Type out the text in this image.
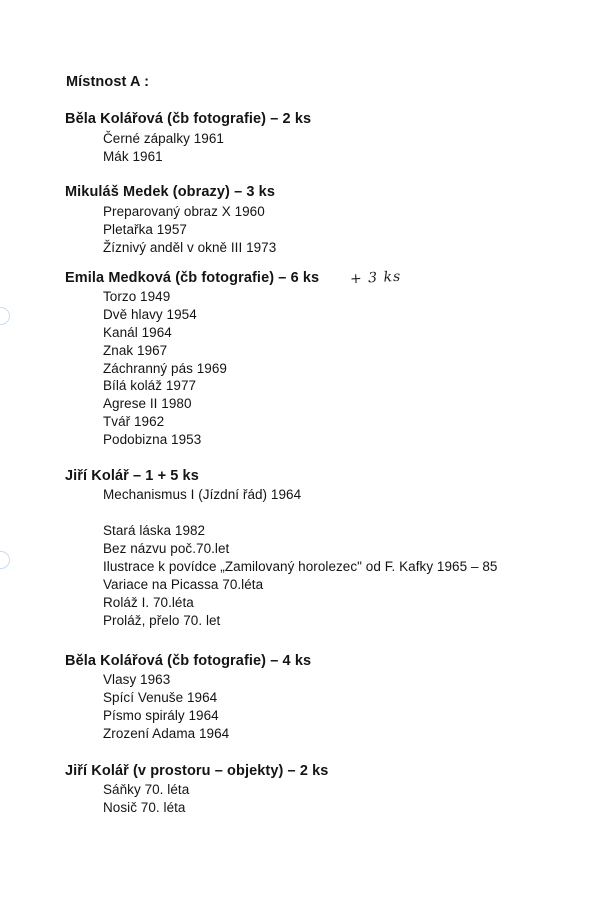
Místnost A :
Běla Kolářová (čb fotografie) – 2 ks
Černé zápalky 1961
Mák 1961
Mikuláš Medek (obrazy) – 3 ks
Preparovaný obraz X 1960
Pletařka 1957
Žíznivý anděl v okně III 1973
Emila Medková (čb fotografie) – 6 ks
Torzo 1949
Dvě hlavy 1954
Kanál 1964
Znak 1967
Záchranný pás 1969
Bílá koláž 1977
Agrese II 1980
Tvář 1962
Podobizna 1953
+ 3 ks
Jiří Kolář – 1 + 5 ks
Mechanismus I (Jízdní řád) 1964
Stará láska 1982
Bez názvu poč.70.let
Ilustrace k povídce „Zamilovaný horolezec" od F. Kafky 1965 – 85
Variace na Picassa 70.léta
Roláž I. 70.léta
Proláž, přelo 70. let
Běla Kolářová (čb fotografie) – 4 ks
Vlasy 1963
Spící Venuše 1964
Písmo spirály 1964
Zrození Adama 1964
Jiří Kolář (v prostoru – objekty) – 2 ks
Sáňky 70. léta
Nosič 70. léta
